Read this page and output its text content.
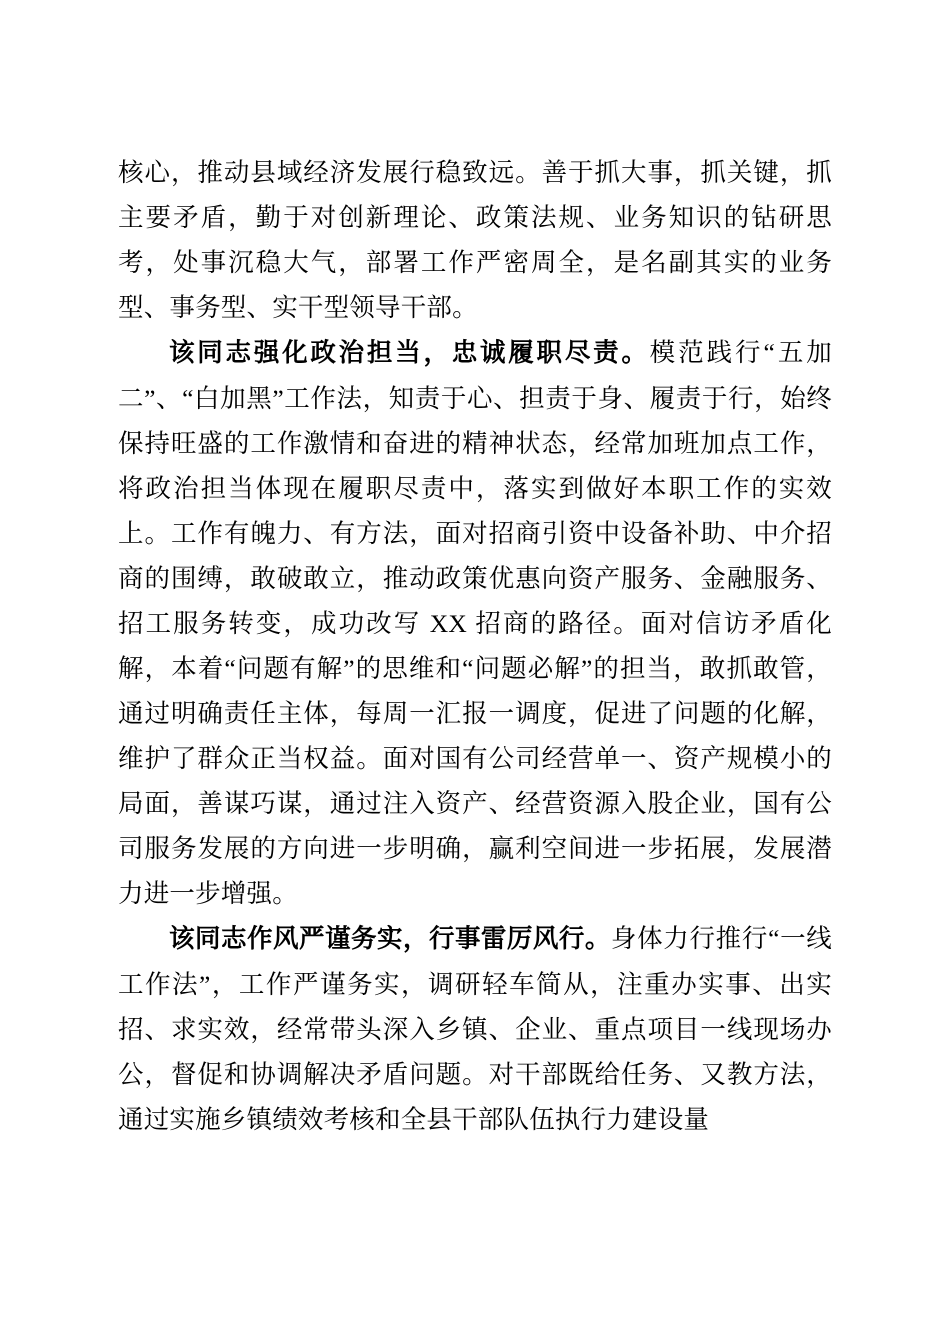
核心，推动县域经济发展行稳致远。善于抓大事，抓关键，抓主要矛盾，勤于对创新理论、政策法规、业务知识的钻研思考，处事沉稳大气，部署工作严密周全，是名副其实的业务型、事务型、实干型领导干部。

该同志强化政治担当，忠诚履职尽责。模范践行“五加二”、“白加黑”工作法，知责于心、担责于身、履责于行，始终保持旺盛的工作激情和奋进的精神状态，经常加班加点工作，将政治担当体现在履职尽责中，落实到做好本职工作的实效上。工作有魄力、有方法，面对招商引资中设备补助、中介招商的围缚，敢破敢立，推动政策优惠向资产服务、金融服务、招工服务转变，成功改写 XX 招商的路径。面对信访矛盾化解，本着“问题有解”的思维和“问题必解”的担当，敢抓敢管，通过明确责任主体，每周一汇报一调度，促进了问题的化解，维护了群众正当权益。面对国有公司经营单一、资产规模小的局面，善谋巧谋，通过注入资产、经营资源入股企业，国有公司服务发展的方向进一步明确，赢利空间进一步拓展，发展潜力进一步增强。

该同志作风严谨务实，行事雷厉风行。身体力行推行“一线工作法”，工作严谨务实，调研轻车简从，注重办实事、出实招、求实效，经常带头深入乡镇、企业、重点项目一线现场办公，督促和协调解决矛盾问题。对干部既给任务、又教方法，通过实施乡镇绩效考核和全县干部队伍执行力建设量
